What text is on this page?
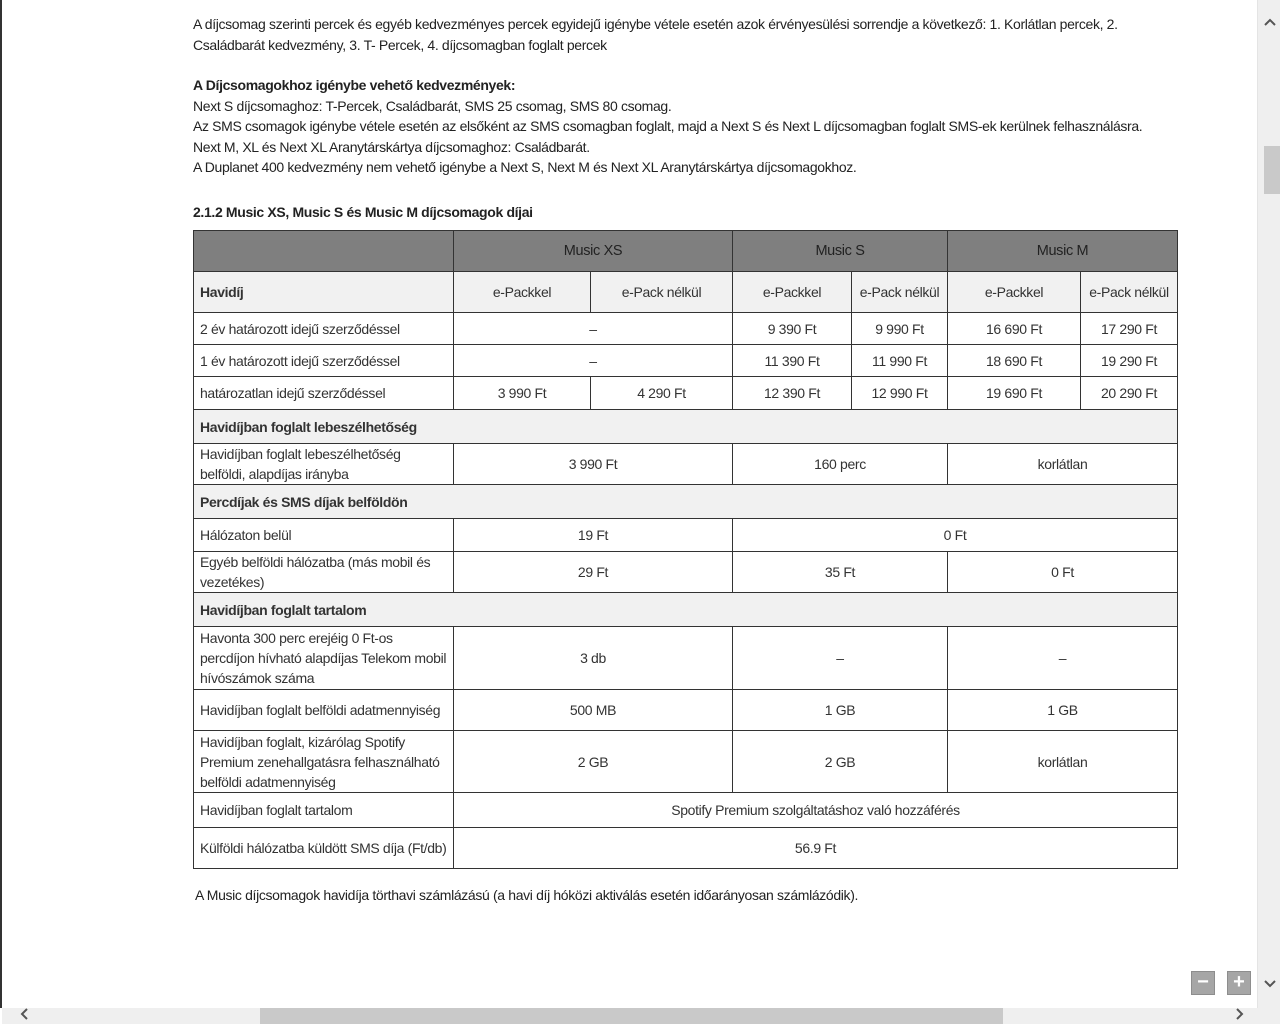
A díjcsomag szerinti percek és egyéb kedvezményes percek egyidejű igénybe vétele esetén azok érvényesülési sorrendje a következő: 1. Korlátlan percek, 2.

Családbarát kedvezmény, 3. T- Percek, 4. díjcsomagban foglalt percek

A Díjcsomagokhoz igénybe vehető kedvezmények:

Next S díjcsomaghoz: T-Percek, Családbarát, SMS 25 csomag, SMS 80 csomag.

Az SMS csomagok igénybe vétele esetén az elsőként az SMS csomagban foglalt, majd a Next S és Next L díjcsomagban foglalt SMS-ek kerülnek felhasználásra.

Next M, XL és Next XL Aranytárskártya díjcsomaghoz: Családbarát.

A Duplanet 400 kedvezmény nem vehető igénybe a Next S, Next M és Next XL Aranytárskártya díjcsomagokhoz.

2.1.2 Music XS, Music S és Music M díjcsomagok díjai
	Music XS		Music S		Music M	
Havidíj	e-Packkel	e-Pack nélkül	e-Packkel	e-Pack nélkül	e-Packkel	e-Pack nélkül
2 év határozott idejű szerződéssel	–		9 390 Ft	9 990 Ft	16 690 Ft	17 290 Ft
1 év határozott idejű szerződéssel	–		11 390 Ft	11 990 Ft	18 690 Ft	19 290 Ft
határozatlan idejű szerződéssel	3 990 Ft	4 290 Ft	12 390 Ft	12 990 Ft	19 690 Ft	20 290 Ft
Havidíjban foglalt lebeszélhetőség						
Havidíjban foglalt lebeszélhetőség belföldi, alapdíjas irányba	3 990 Ft		160 perc		korlátlan	
Percdíjak és SMS díjak belföldön						
Hálózaton belül	19 Ft		0 Ft			
Egyéb belföldi hálózatba (más mobil és vezetékes)	29 Ft		35 Ft		0 Ft	
Havidíjban foglalt tartalom						
Havonta 300 perc erejéig 0 Ft-os percdíjon hívható alapdíjas Telekom mobil hívószámok száma	3 db		–		–	
Havidíjban foglalt belföldi adatmennyiség	500 MB		1 GB		1 GB	
Havidíjban foglalt, kizárólag Spotify Premium zenehallgatásra felhasználható belföldi adatmennyiség	2 GB		2 GB		korlátlan	
Havidíjban foglalt tartalom	Spotify Premium szolgáltatáshoz való hozzáférés					
Külföldi hálózatba küldött SMS díja (Ft/db)	56.9 Ft					
A Music díjcsomagok havidíja törthavi számlázású (a havi díj hóközi aktiválás esetén időarányosan számlázódik).
−	+
